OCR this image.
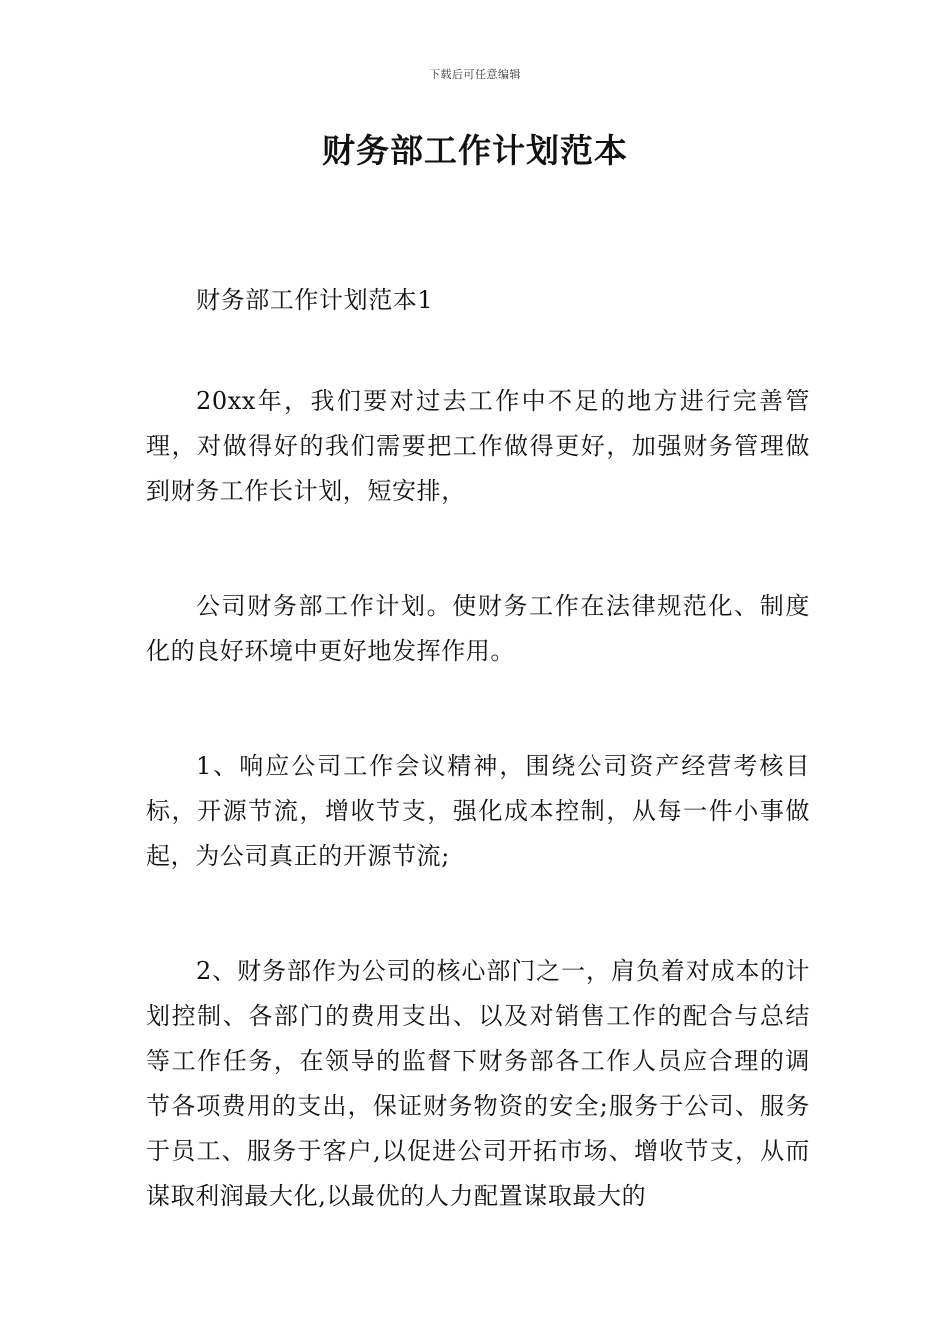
下载后可任意编辑
财务部工作计划范本

财务部工作计划范本1

20xx年，我们要对过去工作中不足的地方进行完善管理，对做得好的我们需要把工作做得更好，加强财务管理做到财务工作长计划，短安排，

公司财务部工作计划。使财务工作在法律规范化、制度化的良好环境中更好地发挥作用。

1、响应公司工作会议精神，围绕公司资产经营考核目标，开源节流，增收节支，强化成本控制，从每一件小事做起，为公司真正的开源节流;

2、财务部作为公司的核心部门之一，肩负着对成本的计划控制、各部门的费用支出、以及对销售工作的配合与总结等工作任务，在领导的监督下财务部各工作人员应合理的调节各项费用的支出，保证财务物资的安全;服务于公司、服务于员工、服务于客户,以促进公司开拓市场、增收节支，从而谋取利润最大化,以最优的人力配置谋取最大的
